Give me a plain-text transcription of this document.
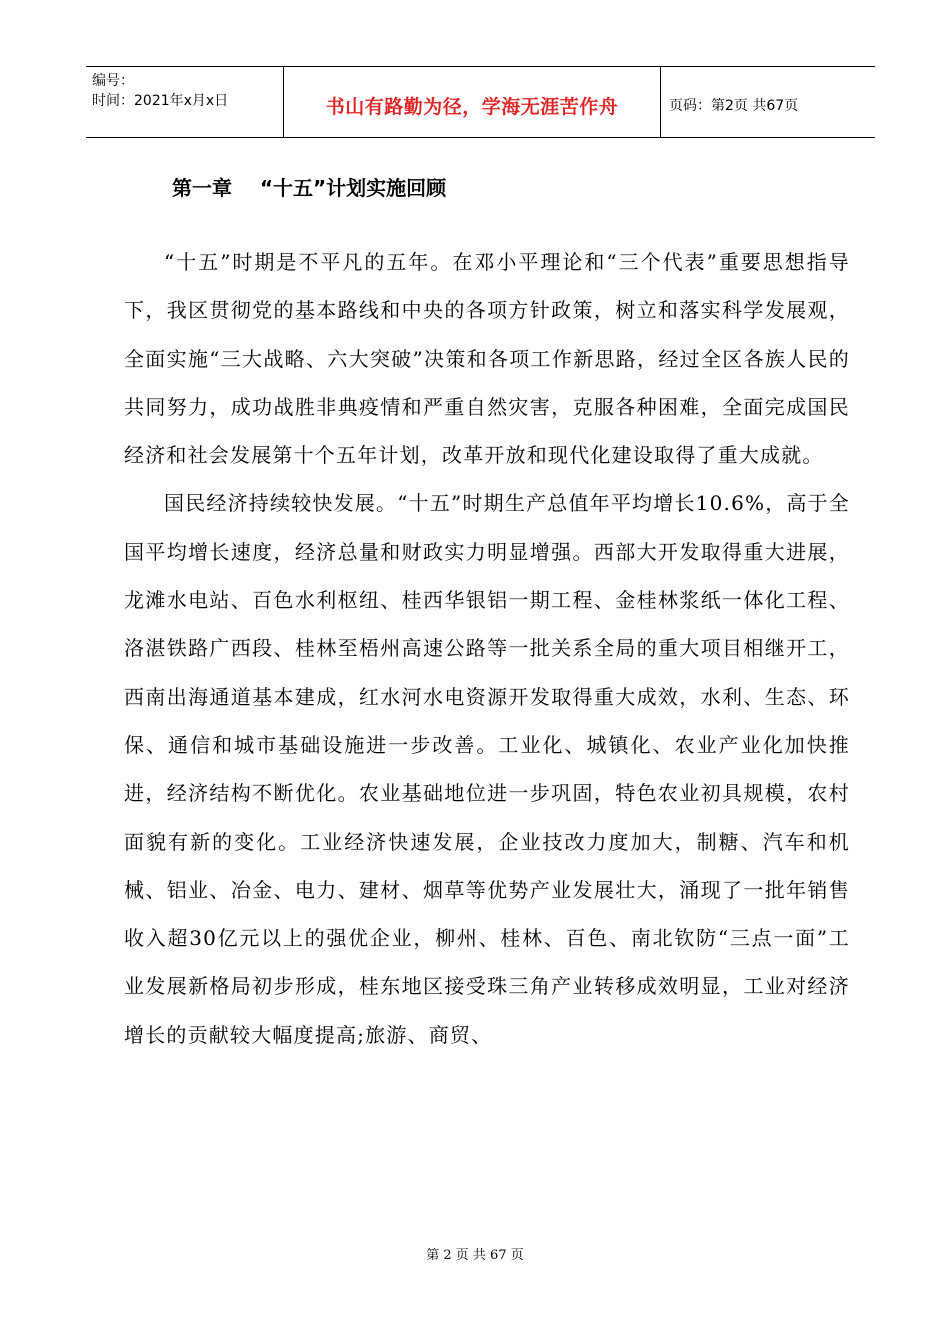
编号：
时间：2021年x月x日	书山有路勤为径，学海无涯苦作舟	页码：第2页 共67页
第一章    “十五”计划实施回顾

“十五”时期是不平凡的五年。在邓小平理论和“三个代表”重要思想指导下，我区贯彻党的基本路线和中央的各项方针政策，树立和落实科学发展观，全面实施“三大战略、六大突破”决策和各项工作新思路，经过全区各族人民的共同努力，成功战胜非典疫情和严重自然灾害，克服各种困难，全面完成国民经济和社会发展第十个五年计划，改革开放和现代化建设取得了重大成就。

国民经济持续较快发展。“十五”时期生产总值年平均增长10.6%，高于全国平均增长速度，经济总量和财政实力明显增强。西部大开发取得重大进展，龙滩水电站、百色水利枢纽、桂西华银铝一期工程、金桂林浆纸一体化工程、洛湛铁路广西段、桂林至梧州高速公路等一批关系全局的重大项目相继开工，西南出海通道基本建成，红水河水电资源开发取得重大成效，水利、生态、环保、通信和城市基础设施进一步改善。工业化、城镇化、农业产业化加快推进，经济结构不断优化。农业基础地位进一步巩固，特色农业初具规模，农村面貌有新的变化。工业经济快速发展，企业技改力度加大，制糖、汽车和机械、铝业、冶金、电力、建材、烟草等优势产业发展壮大，涌现了一批年销售收入超30亿元以上的强优企业，柳州、桂林、百色、南北钦防“三点一面”工业发展新格局初步形成，桂东地区接受珠三角产业转移成效明显，工业对经济增长的贡献较大幅度提高;旅游、商贸、

第 2 页 共 67 页
